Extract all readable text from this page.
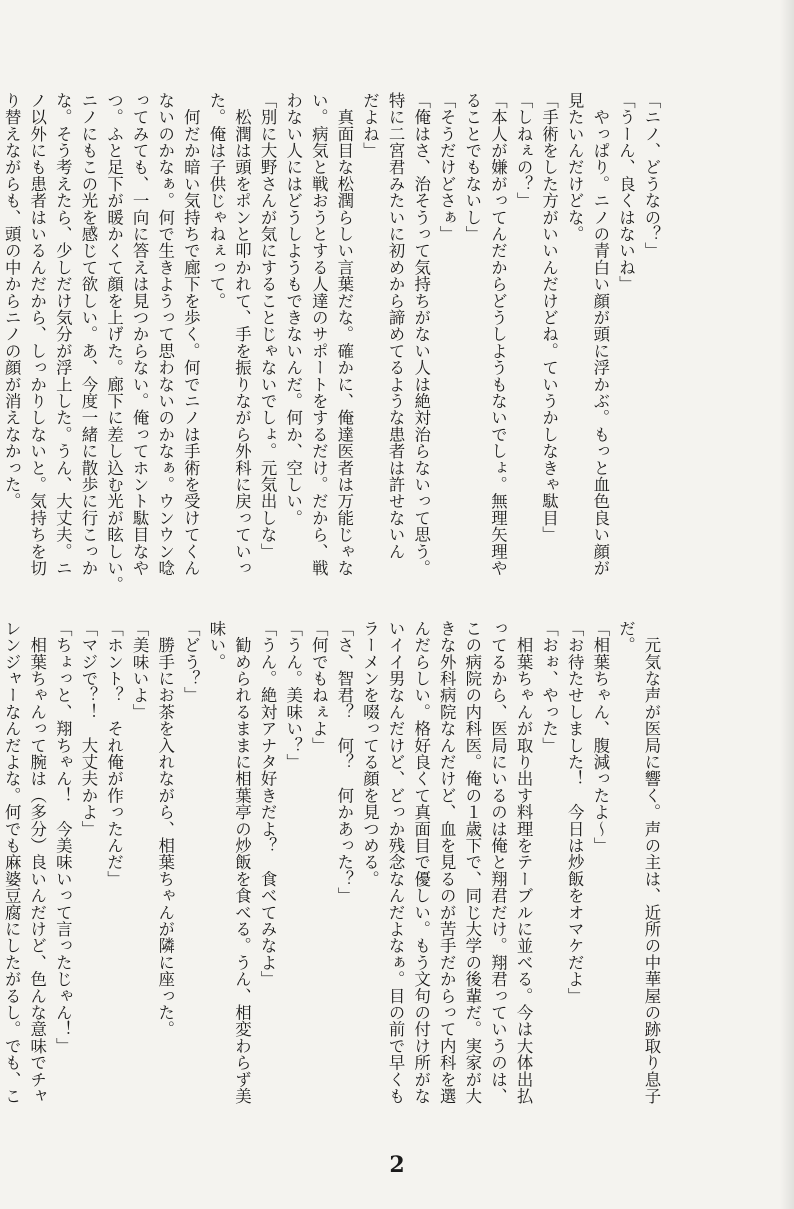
「ニノ、どうなの？」
「うーん、良くはないね」
　やっぱり。ニノの青白い顔が頭に浮かぶ。もっと血色良い顔が
見たいんだけどな。
「手術をした方がいいんだけどね。ていうかしなきゃ駄目」
「しねぇの？」
「本人が嫌がってんだからどうしようもないでしょ。無理矢理や
ることでもないし」
「そうだけどさぁ」
「俺はさ、治そうって気持ちがない人は絶対治らないって思う。
特に二宮君みたいに初めから諦めてるような患者は許せないん
だよね」
　真面目な松潤らしい言葉だな。確かに、俺達医者は万能じゃな
い。病気と戦おうとする人達のサポートをするだけ。だから、戦
わない人にはどうしようもできないんだ。何か、空しい。
「別に大野さんが気にすることじゃないでしょ。元気出しな」
　松潤は頭をポンと叩かれて、手を振りながら外科に戻っていっ
た。俺は子供じゃねぇって。
　何だか暗い気持ちで廊下を歩く。何でニノは手術を受けてくん
ないのかなぁ。何で生きようって思わないのかなぁ。ウンウン唸
ってみても、一向に答えは見つからない。俺ってホント駄目なや
つ。ふと足下が暖かくて顔を上げた。廊下に差し込む光が眩しい。
ニノにもこの光を感じて欲しい。あ、今度一緒に散歩に行こっか
な。そう考えたら、少しだけ気分が浮上した。うん、大丈夫。ニ
ノ以外にも患者はいるんだから、しっかりしないと。気持ちを切
り替えながらも、頭の中からニノの顔が消えなかった。

　元気な声が医局に響く。声の主は、近所の中華屋の跡取り息子
だ。
「相葉ちゃん、腹減ったよ～」
「お待たせしました！　今日は炒飯をオマケだよ」
「おぉ、やった」
　相葉ちゃんが取り出す料理をテーブルに並べる。今は大体出払
ってるから、医局にいるのは俺と翔君だけ。翔君っていうのは、
この病院の内科医。俺の１歳下で、同じ大学の後輩だ。実家が大
きな外科病院なんだけど、血を見るのが苦手だからって内科を選
んだらしい。格好良くて真面目で優しい。もう文句の付け所がな
いイイ男なんだけど、どっか残念なんだよなぁ。目の前で早くも
ラーメンを啜ってる顔を見つめる。
「さ、智君？　何？　何かあった？」
「何でもねぇよ」
「うん。美味い？」
「うん。絶対アナタ好きだよ？　食べてみなよ」
　勧められるままに相葉亭の炒飯を食べる。うん、相変わらず美
味い。
「どう？」
　勝手にお茶を入れながら、相葉ちゃんが隣に座った。
「美味いよ」
「ホント？　それ俺が作ったんだ」
「マジで？！　大丈夫かよ」
「ちょっと、翔ちゃん！　今美味いって言ったじゃん！」
　相葉ちゃんって腕は（多分）良いんだけど、色んな意味でチャ
レンジャーなんだよな。何でも麻婆豆腐にしたがるし。でも、こ
2
